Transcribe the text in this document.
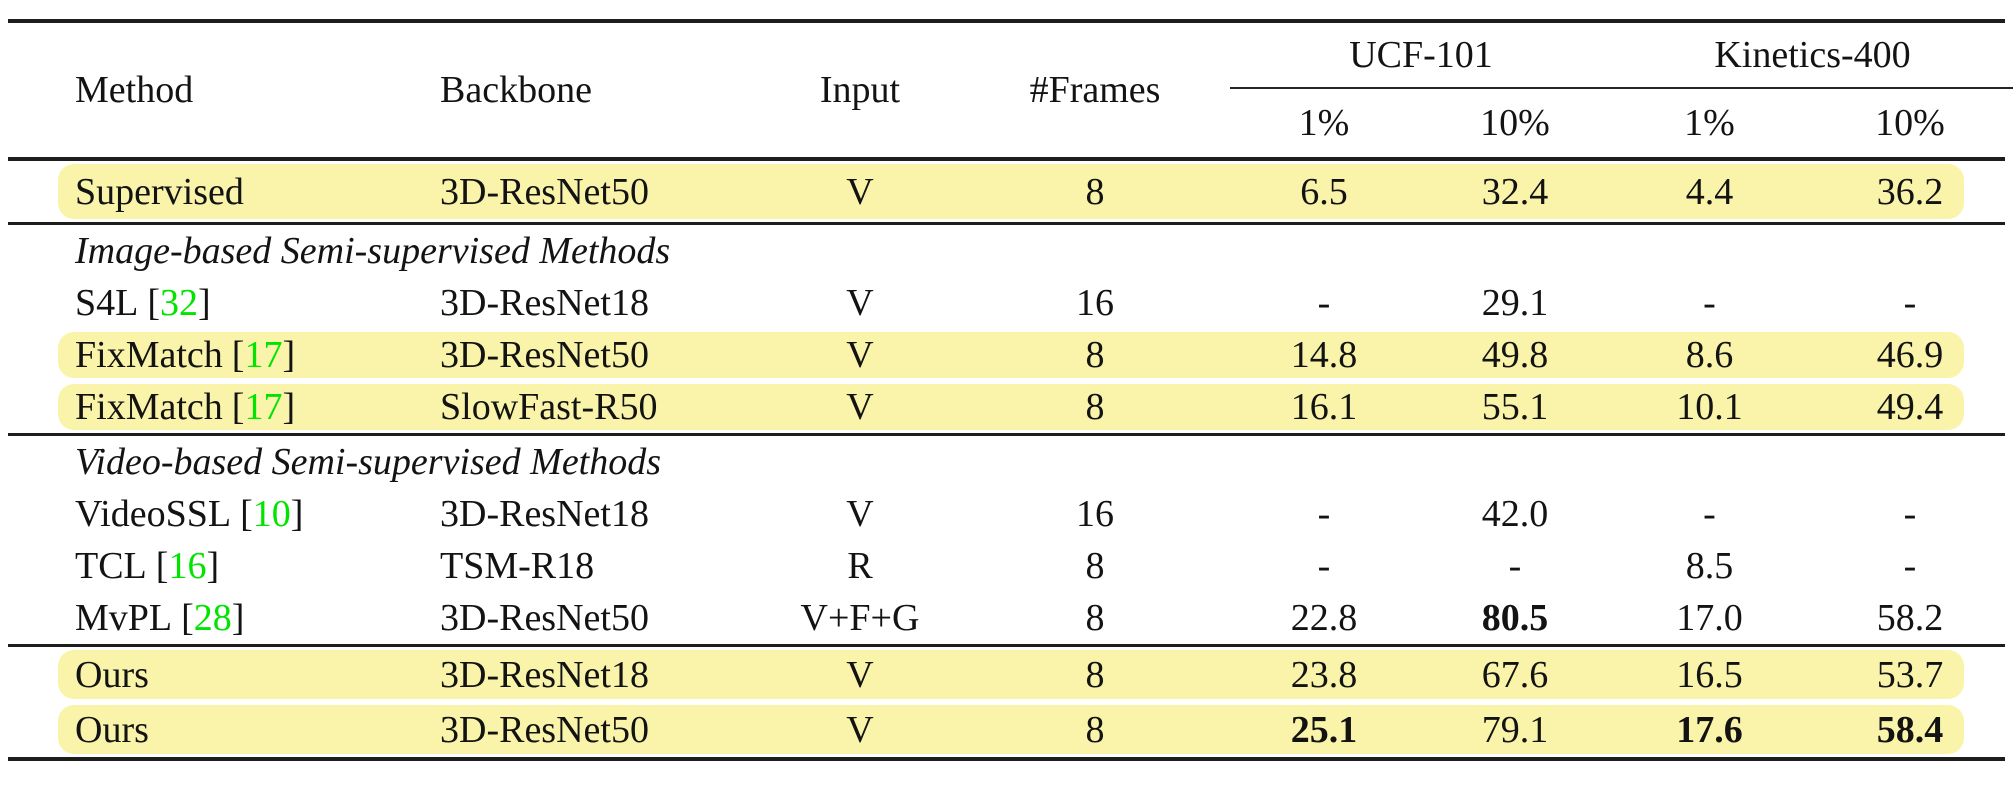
Method	Backbone	Input	#Frames
UCF-101	Kinetics-400
1%	10%	1%	10%
Supervised	3D-ResNet50	V	8	6.5	32.4	4.4	36.2
Image-based Semi-supervised Methods
S4L [32]	3D-ResNet18	V	16	-	29.1	-	-
FixMatch [17]	3D-ResNet50	V	8	14.8	49.8	8.6	46.9
FixMatch [17]	SlowFast-R50	V	8	16.1	55.1	10.1	49.4
Video-based Semi-supervised Methods
VideoSSL [10]	3D-ResNet18	V	16	-	42.0	-	-
TCL [16]	TSM-R18	R	8	-	-	8.5	-
MvPL [28]	3D-ResNet50	V+F+G	8	22.8	80.5	17.0	58.2
Ours	3D-ResNet18	V	8	23.8	67.6	16.5	53.7
Ours	3D-ResNet50	V	8	25.1	79.1	17.6	58.4
